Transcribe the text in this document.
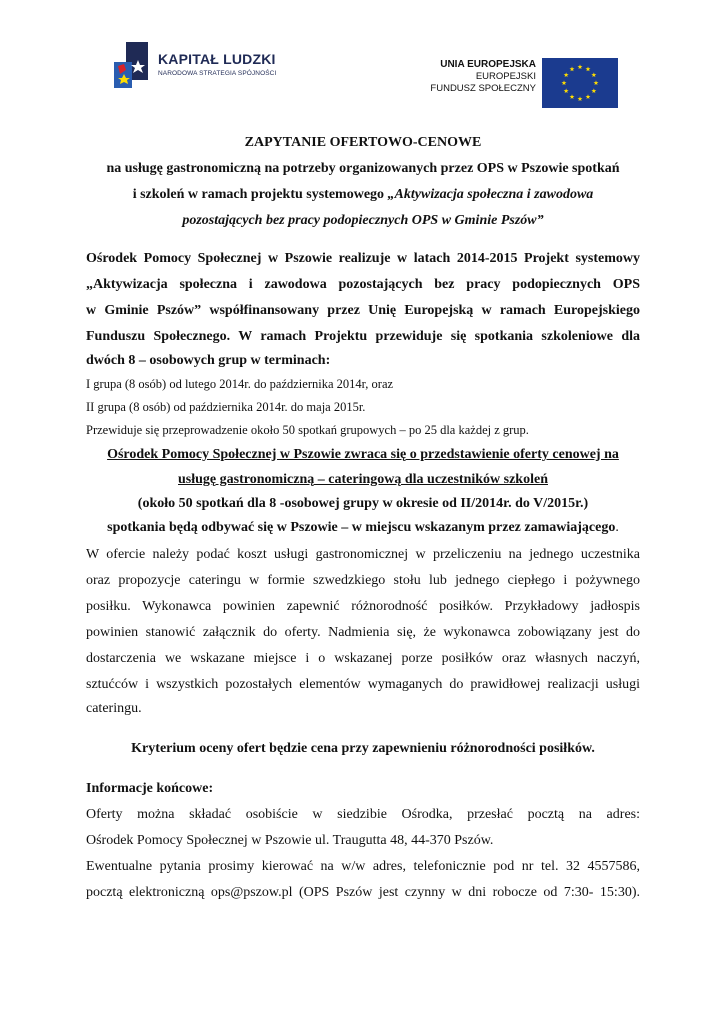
KAPITAŁ LUDZKI
NARODOWA STRATEGIA SPÓJNOŚCI
UNIA EUROPEJSKA
EUROPEJSKI
FUNDUSZ SPOŁECZNY
ZAPYTANIE OFERTOWO-CENOWE
na usługę gastronomiczną na potrzeby organizowanych przez OPS w Pszowie spotkań
i szkoleń w ramach projektu systemowego „Aktywizacja społeczna i zawodowa
pozostających bez pracy podopiecznych OPS w Gminie Pszów”
Ośrodek Pomocy Społecznej w Pszowie realizuje w latach 2014-2015 Projekt systemowy
„Aktywizacja społeczna i zawodowa pozostających bez pracy podopiecznych OPS
w Gminie Pszów” współfinansowany przez Unię Europejską w ramach Europejskiego
Funduszu Społecznego. W ramach Projektu przewiduje się spotkania szkoleniowe dla
dwóch 8 – osobowych grup w terminach:
I grupa (8 osób) od lutego 2014r. do października 2014r, oraz
II grupa (8 osób) od października 2014r. do maja 2015r.
Przewiduje się przeprowadzenie około 50 spotkań grupowych – po 25 dla każdej z grup.
Ośrodek Pomocy Społecznej w Pszowie zwraca się o przedstawienie oferty cenowej na
usługę gastronomiczną – cateringową dla uczestników szkoleń
(około 50 spotkań dla 8 -osobowej grupy w okresie od II/2014r. do V/2015r.)
spotkania będą odbywać się w Pszowie – w miejscu wskazanym przez zamawiającego.
W ofercie należy podać koszt usługi gastronomicznej w przeliczeniu na jednego uczestnika
oraz propozycje cateringu w formie szwedzkiego stołu lub jednego ciepłego i pożywnego
posiłku. Wykonawca powinien zapewnić różnorodność posiłków. Przykładowy jadłospis
powinien stanowić załącznik do oferty. Nadmienia się, że wykonawca zobowiązany jest do
dostarczenia we wskazane miejsce i o wskazanej porze posiłków oraz własnych naczyń,
sztućców i wszystkich pozostałych elementów wymaganych do prawidłowej realizacji usługi
cateringu.
Kryterium oceny ofert będzie cena przy zapewnieniu różnorodności posiłków.
Informacje końcowe:
Oferty można składać osobiście w siedzibie Ośrodka, przesłać pocztą na adres:
Ośrodek Pomocy Społecznej w Pszowie ul. Traugutta 48, 44-370 Pszów.
Ewentualne pytania prosimy kierować na w/w adres, telefonicznie pod nr tel. 32 4557586,
pocztą elektroniczną ops@pszow.pl (OPS Pszów jest czynny w dni robocze od 7:30- 15:30).
